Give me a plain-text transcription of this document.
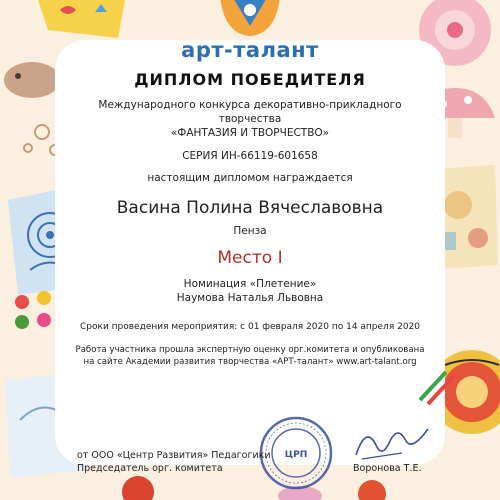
арт-талант
ДИПЛОМ ПОБЕДИТЕЛЯ
Международного конкурса декоративно-прикладного
творчества
«ФАНТАЗИЯ И ТВОРЧЕСТВО»
СЕРИЯ ИН-66119-601658
настоящим дипломом награждается
Васина Полина Вячеславовна
Пенза
Место I
Номинация «Плетение»
Наумова Наталья Львовна
Сроки проведения мероприятия: с 01 февраля 2020 по 14 апреля 2020
Работа участника прошла экспертную оценку орг.комитета и опубликована
на сайте Академии развития творчества «АРТ-талант» www.art-talant.org
ЦРП
от ООО «Центр Развития» Педагогики
Председатель орг. комитета	Воронова Т.Е.
